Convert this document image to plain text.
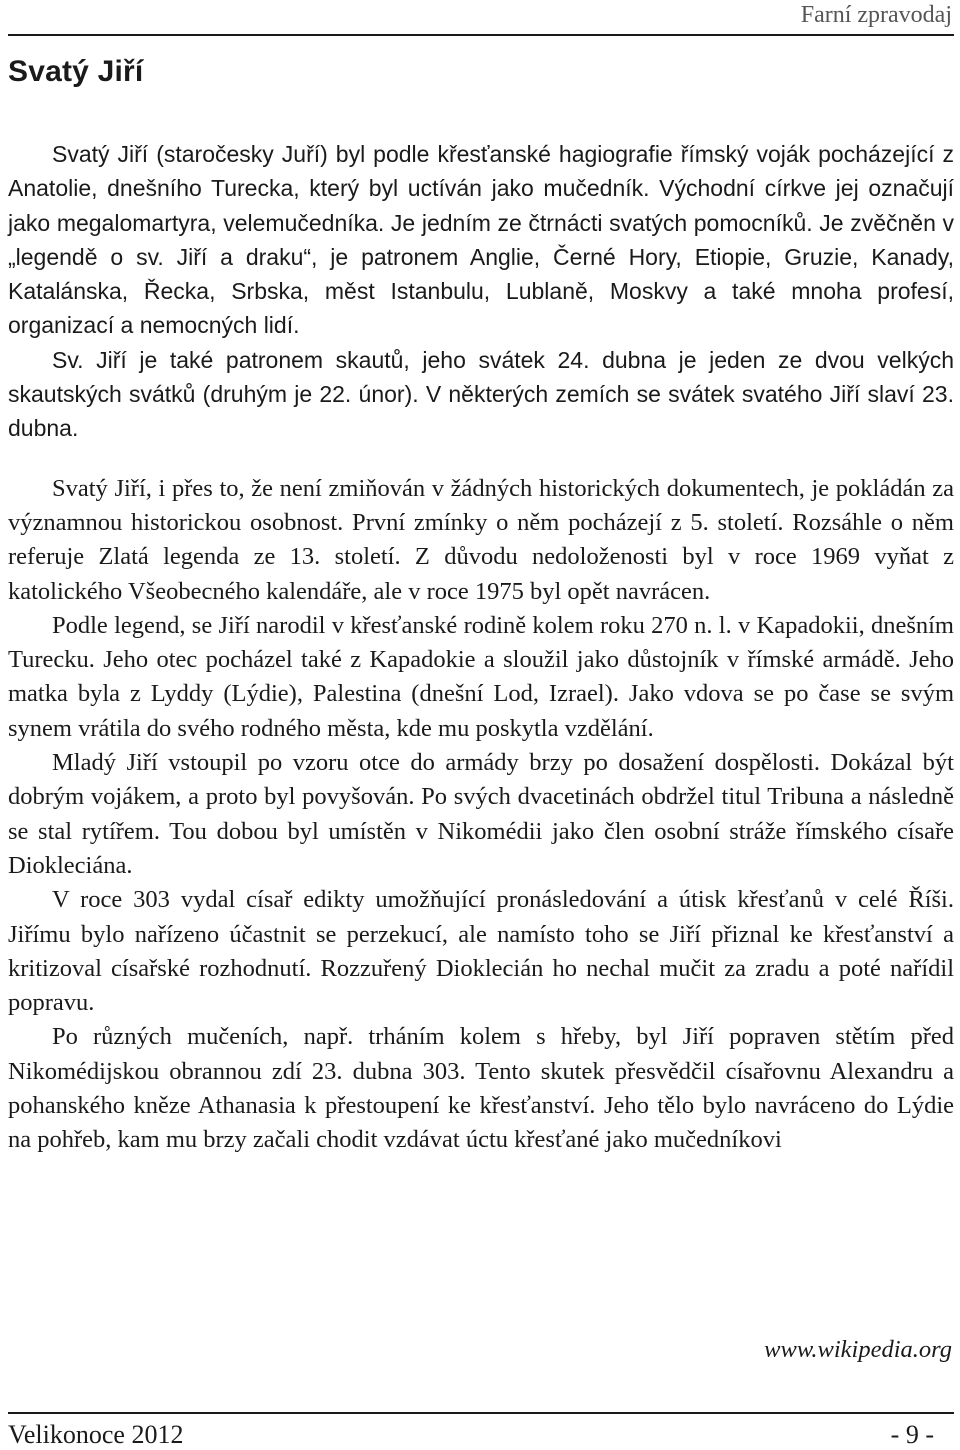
Farní zpravodaj
Svatý Jiří

Svatý Jiří (staročesky Juří) byl podle křesťanské hagiografie římský voják pocházející z Anatolie, dnešního Turecka, který byl uctíván jako mučedník. Východní církve jej označují jako megalomartyra, velemučedníka. Je jedním ze čtrnácti svatých pomocníků. Je zvěčněn v „legendě o sv. Jiří a draku“, je patronem Anglie, Černé Hory, Etiopie, Gruzie, Kanady, Katalánska, Řecka, Srbska, měst Istanbulu, Lublaně, Moskvy a také mnoha profesí, organizací a nemocných lidí.

Sv. Jiří je také patronem skautů, jeho svátek 24. dubna je jeden ze dvou velkých skautských svátků (druhým je 22. únor). V některých zemích se svátek svatého Jiří slaví 23. dubna.

Svatý Jiří, i přes to, že není zmiňován v žádných historických dokumentech, je pokládán za významnou historickou osobnost. První zmínky o něm pocházejí z 5. století. Rozsáhle o něm referuje Zlatá legenda ze 13. století. Z důvodu nedoloženosti byl v roce 1969 vyňat z katolického Všeobecného kalendáře, ale v roce 1975 byl opět navrácen.

Podle legend, se Jiří narodil v křesťanské rodině kolem roku 270 n. l. v Kapadokii, dnešním Turecku. Jeho otec pocházel také z Kapadokie a sloužil jako důstojník v římské armádě. Jeho matka byla z Lyddy (Lýdie), Palestina (dnešní Lod, Izrael). Jako vdova se po čase se svým synem vrátila do svého rodného města, kde mu poskytla vzdělání.

Mladý Jiří vstoupil po vzoru otce do armády brzy po dosažení dospělosti. Dokázal být dobrým vojákem, a proto byl povyšován. Po svých dvacetinách obdržel titul Tribuna a následně se stal rytířem. Tou dobou byl umístěn v Nikomédii jako člen osobní stráže římského císaře Diokleciána.

V roce 303 vydal císař edikty umožňující pronásledování a útisk křesťanů v celé Říši. Jiřímu bylo nařízeno účastnit se perzekucí, ale namísto toho se Jiří přiznal ke křesťanství a kritizoval císařské rozhodnutí. Rozzuřený Dioklecián ho nechal mučit za zradu a poté nařídil popravu.

Po různých mučeních, např. trháním kolem s hřeby, byl Jiří popraven stětím před Nikomédijskou obrannou zdí 23. dubna 303. Tento skutek přesvědčil císařovnu Alexandru a pohanského kněze Athanasia k přestoupení ke křesťanství. Jeho tělo bylo navráceno do Lýdie na pohřeb, kam mu brzy začali chodit vzdávat úctu křesťané jako mučedníkovi

www.wikipedia.org
Velikonoce 2012	- 9 -
